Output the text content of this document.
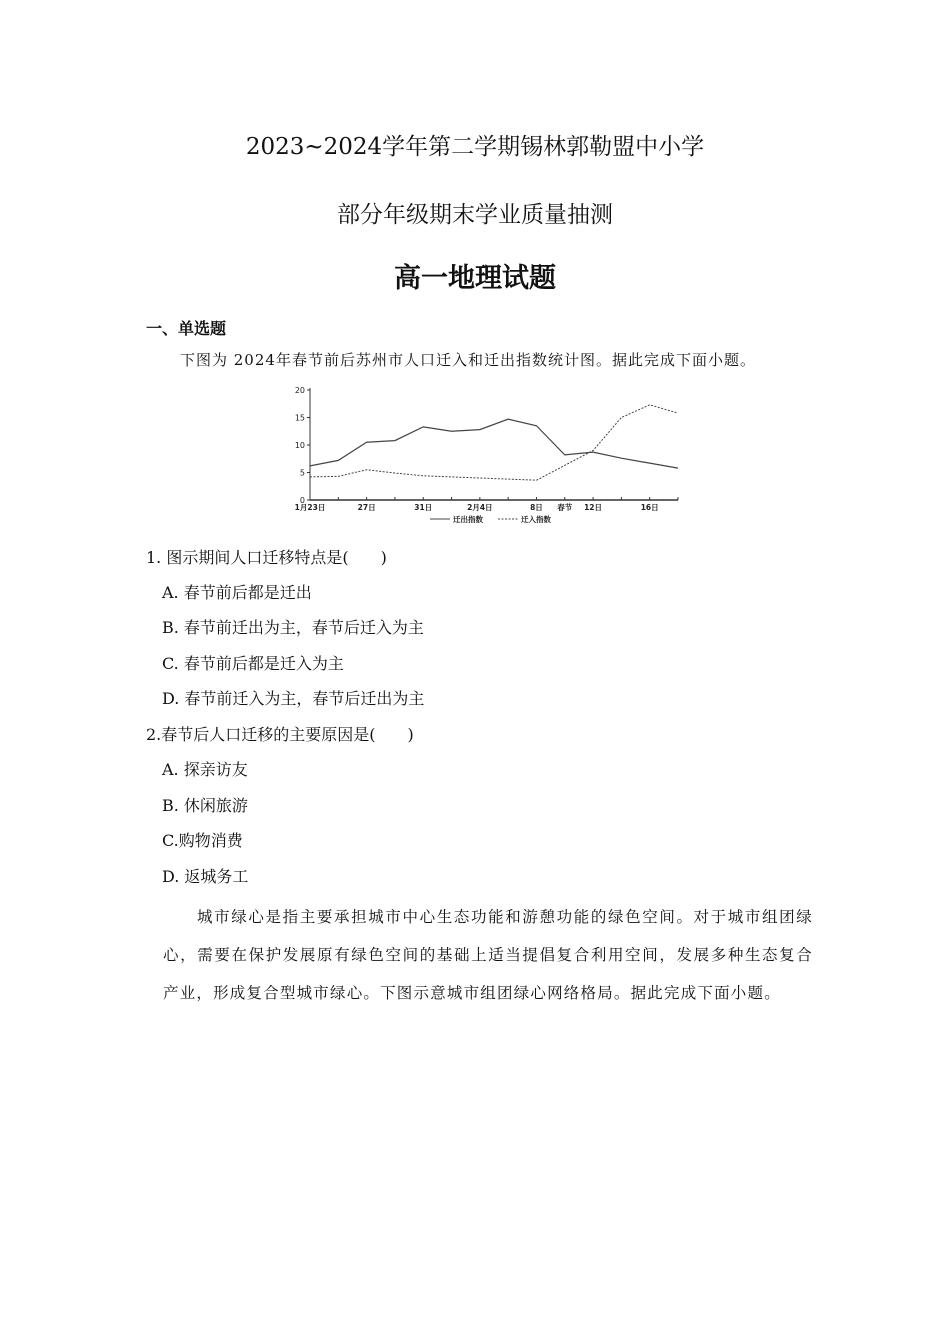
2023~2024学年第二学期锡林郭勒盟中小学
部分年级期末学业质量抽测
高一地理试题
一、单选题
下图为 2024年春节前后苏州市人口迁入和迁出指数统计图。据此完成下面小题。
0
5
10
15
20
1月23日	27日	31日	2月4日	8日 春节 12日	16日
迁出指数	迁入指数
1. 图示期间人口迁移特点是(　　)
A. 春节前后都是迁出
B. 春节前迁出为主，春节后迁入为主
C. 春节前后都是迁入为主
D. 春节前迁入为主，春节后迁出为主
2.春节后人口迁移的主要原因是(　　)
A. 探亲访友
B. 休闲旅游
C.购物消费
D. 返城务工
城市绿心是指主要承担城市中心生态功能和游憩功能的绿色空间。对于城市组团绿心，需要在保护发展原有绿色空间的基础上适当提倡复合利用空间，发展多种生态复合产业，形成复合型城市绿心。下图示意城市组团绿心网络格局。据此完成下面小题。
